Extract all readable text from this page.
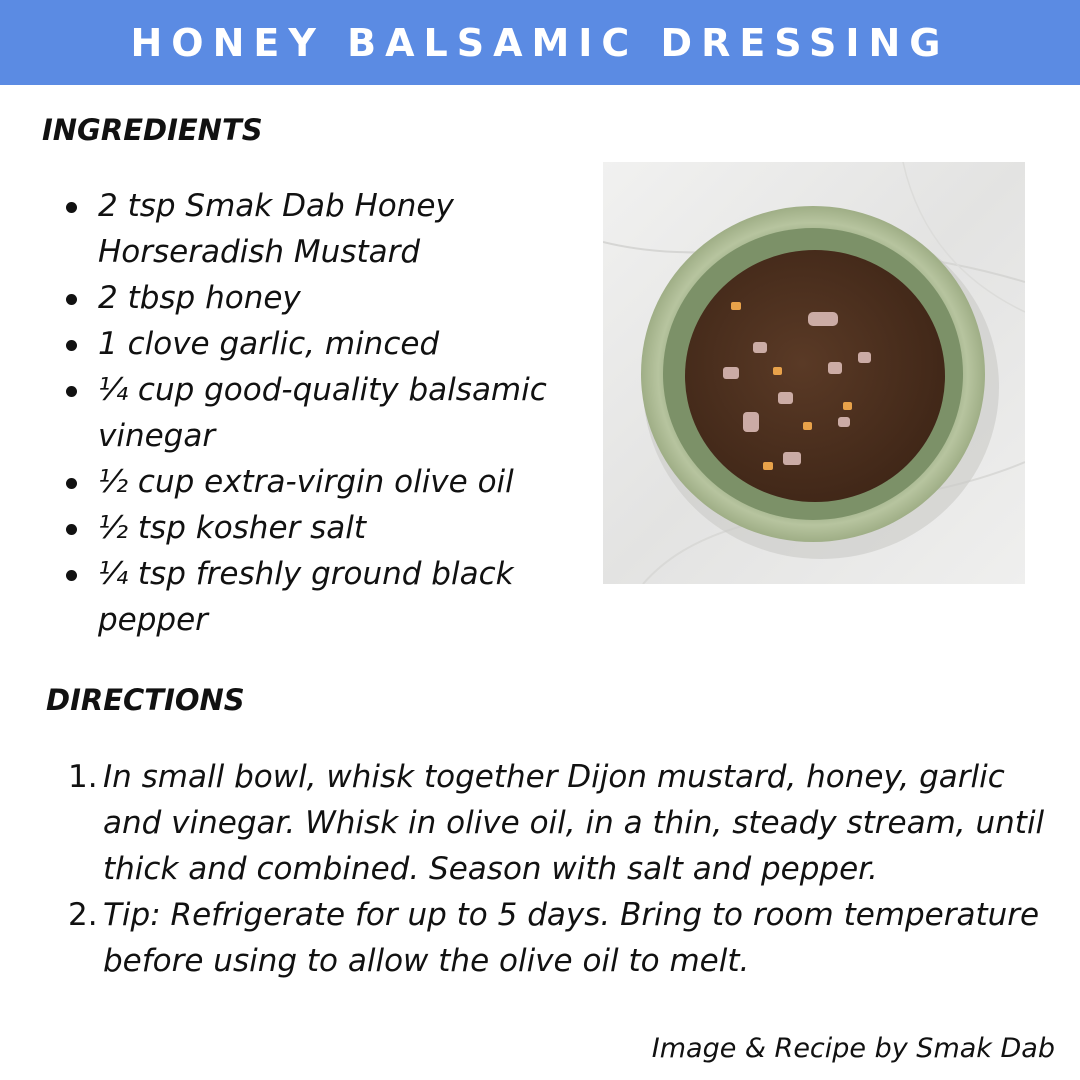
HONEY BALSAMIC DRESSING
INGREDIENTS
2 tsp Smak Dab Honey Horseradish Mustard
2 tbsp honey
1 clove garlic, minced
¼ cup good-quality balsamic vinegar
½ cup extra-virgin olive oil
½ tsp kosher salt
¼ tsp freshly ground black pepper
DIRECTIONS
1. In small bowl, whisk together Dijon mustard, honey, garlic and vinegar. Whisk in olive oil, in a thin, steady stream, until thick and combined. Season with salt and pepper.
2. Tip: Refrigerate for up to 5 days. Bring to room temperature before using to allow the olive oil to melt.
Image & Recipe by Smak Dab
